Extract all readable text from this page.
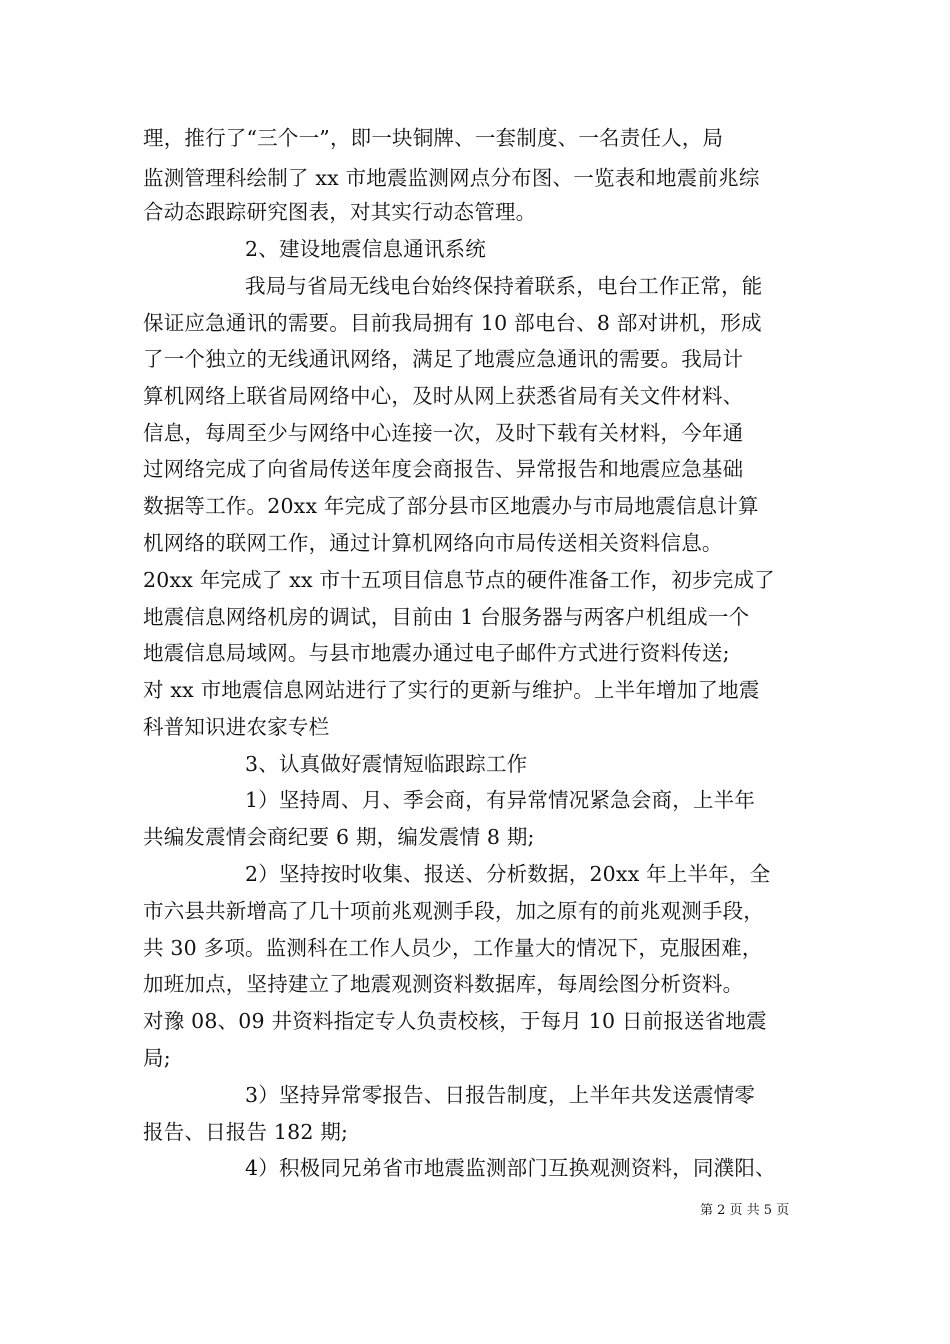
理，推行了“三个一”，即一块铜牌、一套制度、一名责任人，局
监测管理科绘制了 xx 市地震监测网点分布图、一览表和地震前兆综
合动态跟踪研究图表，对其实行动态管理。
2、建设地震信息通讯系统
我局与省局无线电台始终保持着联系，电台工作正常，能
保证应急通讯的需要。目前我局拥有 10 部电台、8 部对讲机，形成
了一个独立的无线通讯网络，满足了地震应急通讯的需要。我局计
算机网络上联省局网络中心，及时从网上获悉省局有关文件材料、
信息，每周至少与网络中心连接一次，及时下载有关材料，今年通
过网络完成了向省局传送年度会商报告、异常报告和地震应急基础
数据等工作。20xx 年完成了部分县市区地震办与市局地震信息计算
机网络的联网工作，通过计算机网络向市局传送相关资料信息。
20xx 年完成了 xx 市十五项目信息节点的硬件准备工作，初步完成了
地震信息网络机房的调试，目前由 1 台服务器与两客户机组成一个
地震信息局域网。与县市地震办通过电子邮件方式进行资料传送;
对 xx 市地震信息网站进行了实行的更新与维护。上半年增加了地震
科普知识进农家专栏
3、认真做好震情短临跟踪工作
1）坚持周、月、季会商，有异常情况紧急会商，上半年
共编发震情会商纪要 6 期，编发震情 8 期;
2）坚持按时收集、报送、分析数据，20xx 年上半年，全
市六县共新增高了几十项前兆观测手段，加之原有的前兆观测手段，
共 30 多项。监测科在工作人员少，工作量大的情况下，克服困难，
加班加点，坚持建立了地震观测资料数据库，每周绘图分析资料。
对豫 08、09 井资料指定专人负责校核，于每月 10 日前报送省地震
局;
3）坚持异常零报告、日报告制度，上半年共发送震情零
报告、日报告 182 期;
4）积极同兄弟省市地震监测部门互换观测资料，同濮阳、
第 2 页 共 5 页
